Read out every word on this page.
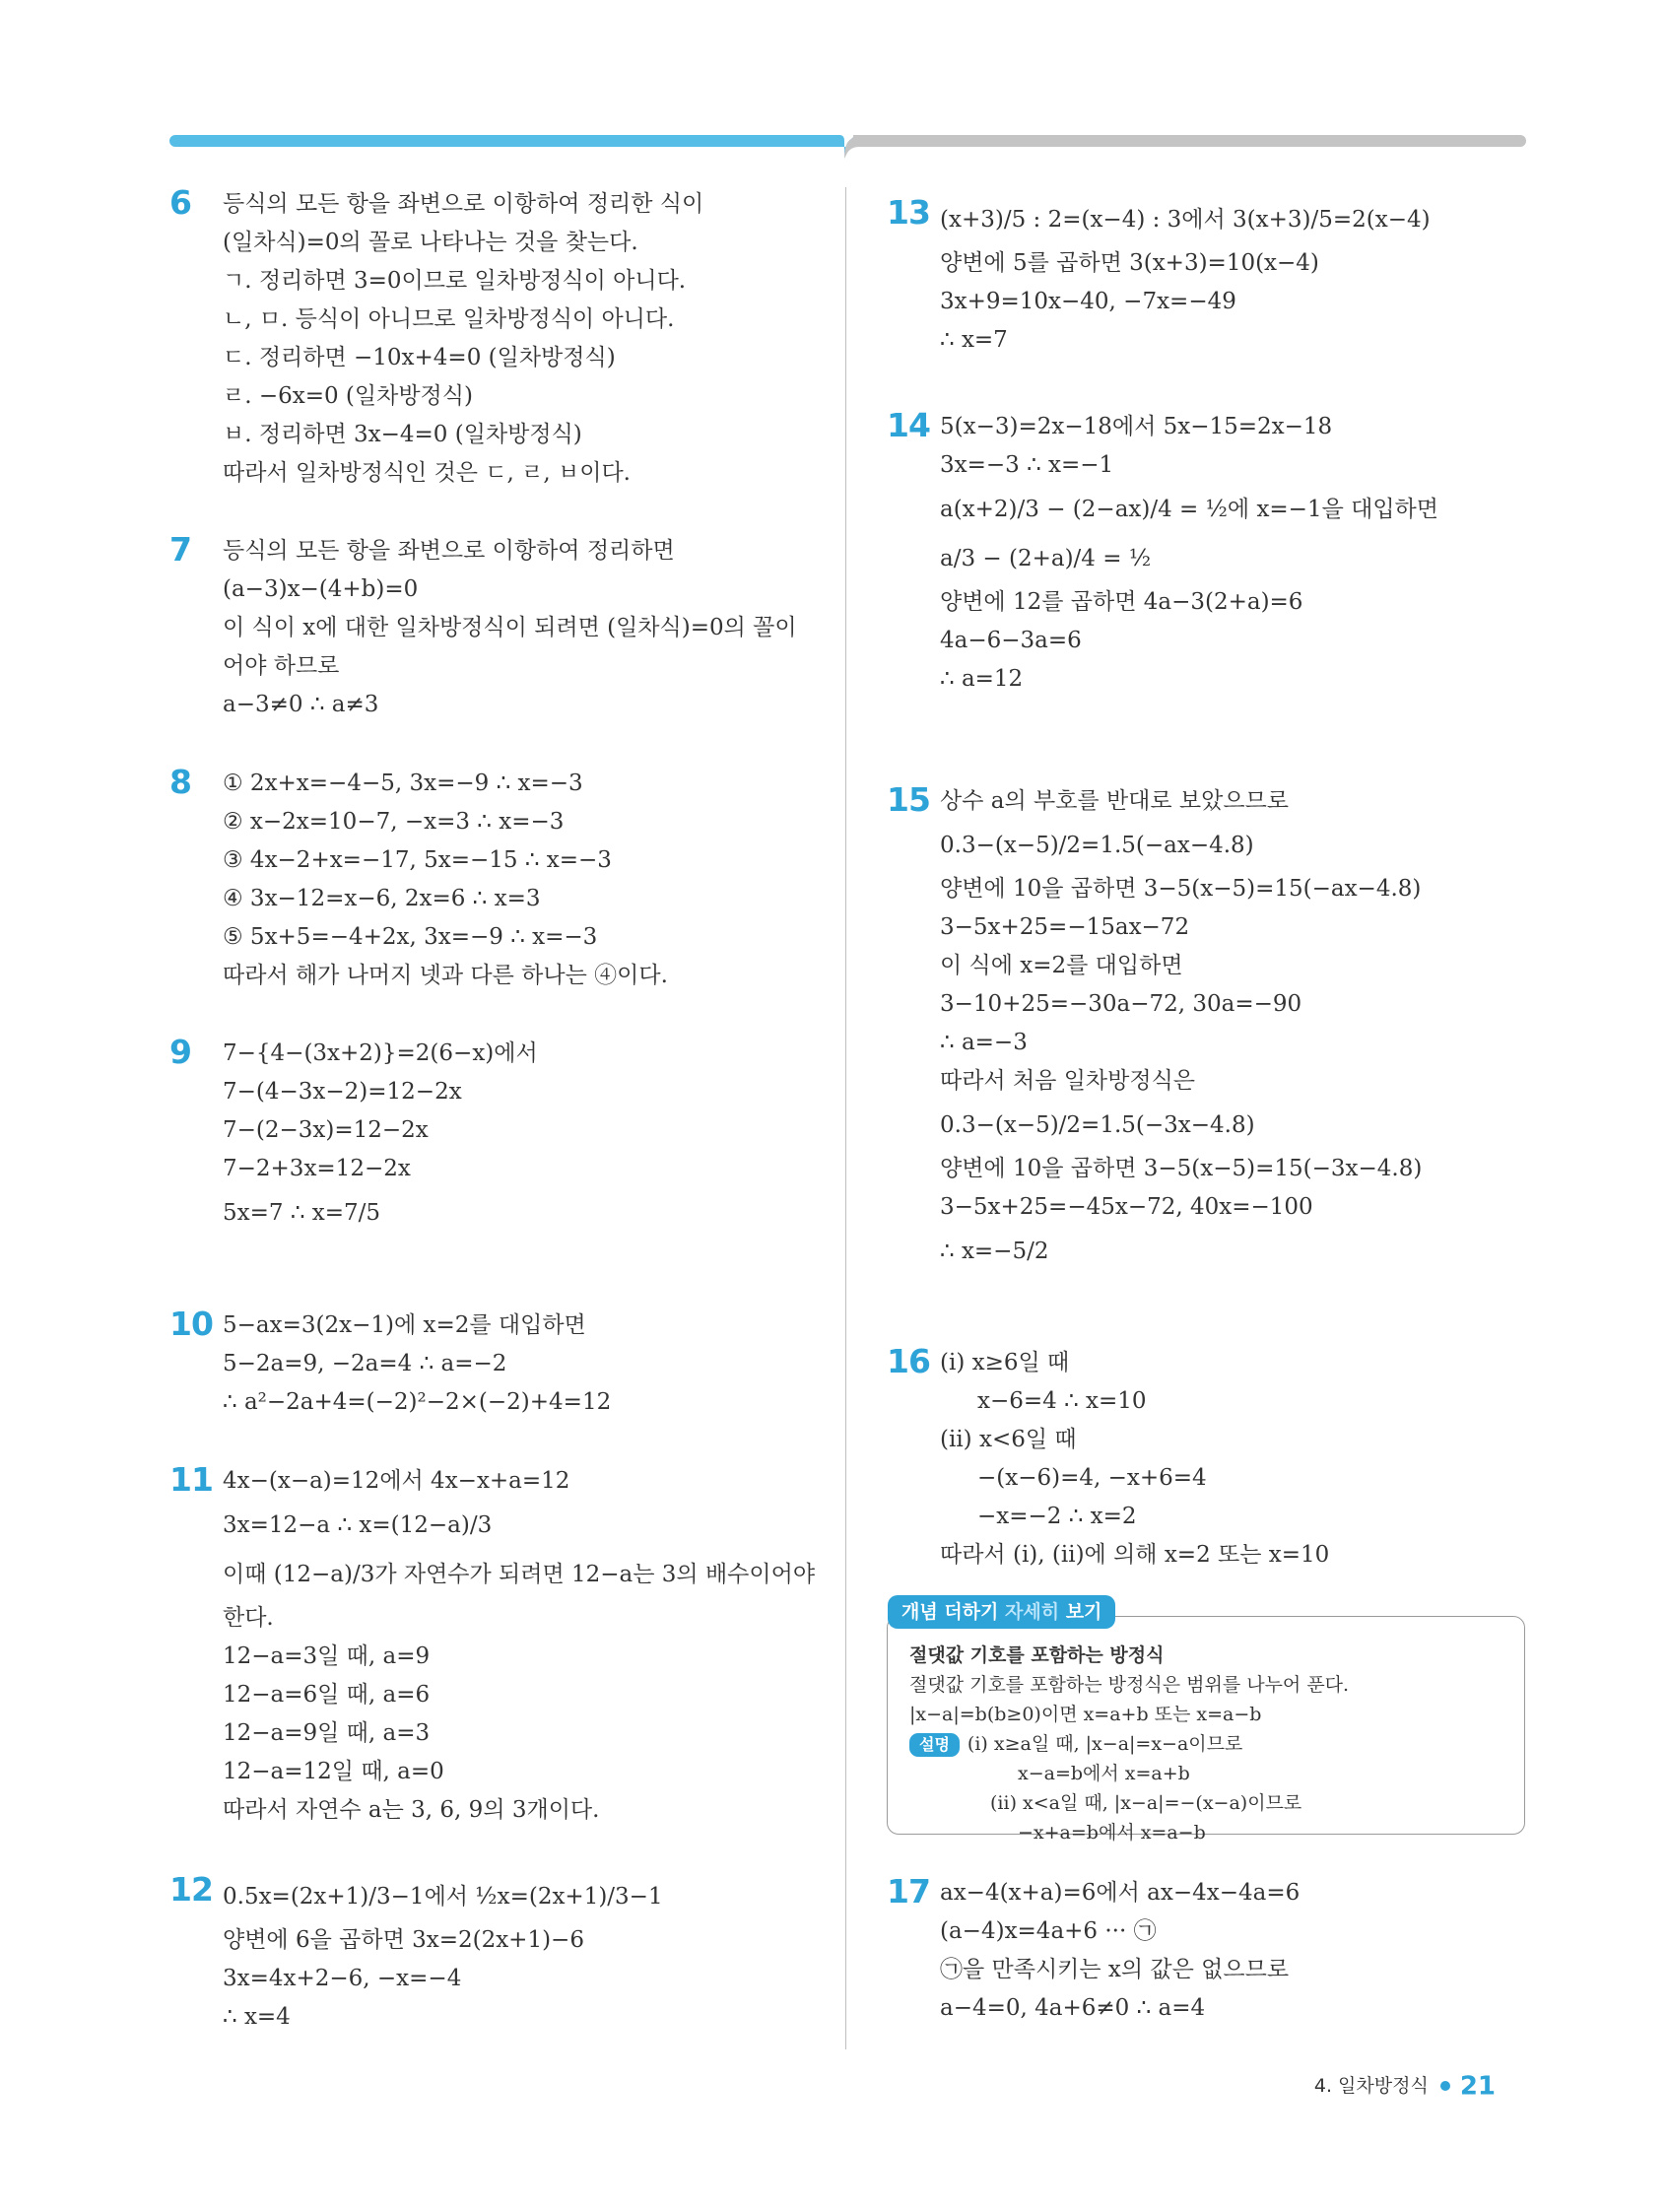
6	등식의 모든 항을 좌변으로 이항하여 정리한 식이
(일차식)=0의 꼴로 나타나는 것을 찾는다.
ㄱ. 정리하면 3=0이므로 일차방정식이 아니다.
ㄴ, ㅁ. 등식이 아니므로 일차방정식이 아니다.
ㄷ. 정리하면 −10x+4=0 (일차방정식)
ㄹ. −6x=0 (일차방정식)
ㅂ. 정리하면 3x−4=0 (일차방정식)
따라서 일차방정식인 것은 ㄷ, ㄹ, ㅂ이다.
7	등식의 모든 항을 좌변으로 이항하여 정리하면
(a−3)x−(4+b)=0
이 식이 x에 대한 일차방정식이 되려면 (일차식)=0의 꼴이
어야 하므로
a−3≠0 ∴ a≠3
8	① 2x+x=−4−5, 3x=−9 ∴ x=−3
② x−2x=10−7, −x=3 ∴ x=−3
③ 4x−2+x=−17, 5x=−15 ∴ x=−3
④ 3x−12=x−6, 2x=6 ∴ x=3
⑤ 5x+5=−4+2x, 3x=−9 ∴ x=−3
따라서 해가 나머지 넷과 다른 하나는 ④이다.
9	7−{4−(3x+2)}=2(6−x)에서
7−(4−3x−2)=12−2x
7−(2−3x)=12−2x
7−2+3x=12−2x
5x=7 ∴ x=7/5
10 5−ax=3(2x−1)에 x=2를 대입하면
5−2a=9, −2a=4 ∴ a=−2
∴ a²−2a+4=(−2)²−2×(−2)+4=12
11 4x−(x−a)=12에서 4x−x+a=12
3x=12−a ∴ x=(12−a)/3
이때 (12−a)/3가 자연수가 되려면 12−a는 3의 배수이어야
한다.
12−a=3일 때, a=9
12−a=6일 때, a=6
12−a=9일 때, a=3
12−a=12일 때, a=0
따라서 자연수 a는 3, 6, 9의 3개이다.
12 0.5x=(2x+1)/3−1에서 ½x=(2x+1)/3−1
양변에 6을 곱하면 3x=2(2x+1)−6
3x=4x+2−6, −x=−4
∴ x=4
13 (x+3)/5 : 2=(x−4) : 3에서 3(x+3)/5=2(x−4)
양변에 5를 곱하면 3(x+3)=10(x−4)
3x+9=10x−40, −7x=−49
∴ x=7
14 5(x−3)=2x−18에서 5x−15=2x−18
3x=−3 ∴ x=−1
a(x+2)/3 − (2−ax)/4 = ½에 x=−1을 대입하면
a/3 − (2+a)/4 = ½
양변에 12를 곱하면 4a−3(2+a)=6
4a−6−3a=6
∴ a=12
15 상수 a의 부호를 반대로 보았으므로
0.3−(x−5)/2=1.5(−ax−4.8)
양변에 10을 곱하면 3−5(x−5)=15(−ax−4.8)
3−5x+25=−15ax−72
이 식에 x=2를 대입하면
3−10+25=−30a−72, 30a=−90
∴ a=−3
따라서 처음 일차방정식은
0.3−(x−5)/2=1.5(−3x−4.8)
양변에 10을 곱하면 3−5(x−5)=15(−3x−4.8)
3−5x+25=−45x−72, 40x=−100
∴ x=−5/2
16 (ⅰ) x≥6일 때
x−6=4 ∴ x=10
(ⅱ) x<6일 때
−(x−6)=4, −x+6=4
−x=−2 ∴ x=2
따라서 (ⅰ), (ⅱ)에 의해 x=2 또는 x=10
개념 더하기 자세히 보기
절댓값 기호를 포함하는 방정식
절댓값 기호를 포함하는 방정식은 범위를 나누어 푼다.
|x−a|=b(b≥0)이면 x=a+b 또는 x=a−b
설명 (ⅰ) x≥a일 때, |x−a|=x−a이므로
x−a=b에서 x=a+b
(ⅱ) x<a일 때, |x−a|=−(x−a)이므로
−x+a=b에서 x=a−b
17 ax−4(x+a)=6에서 ax−4x−4a=6
(a−4)x=4a+6 ··· ㉠
㉠을 만족시키는 x의 값은 없으므로
a−4=0, 4a+6≠0 ∴ a=4
4. 일차방정식 21
